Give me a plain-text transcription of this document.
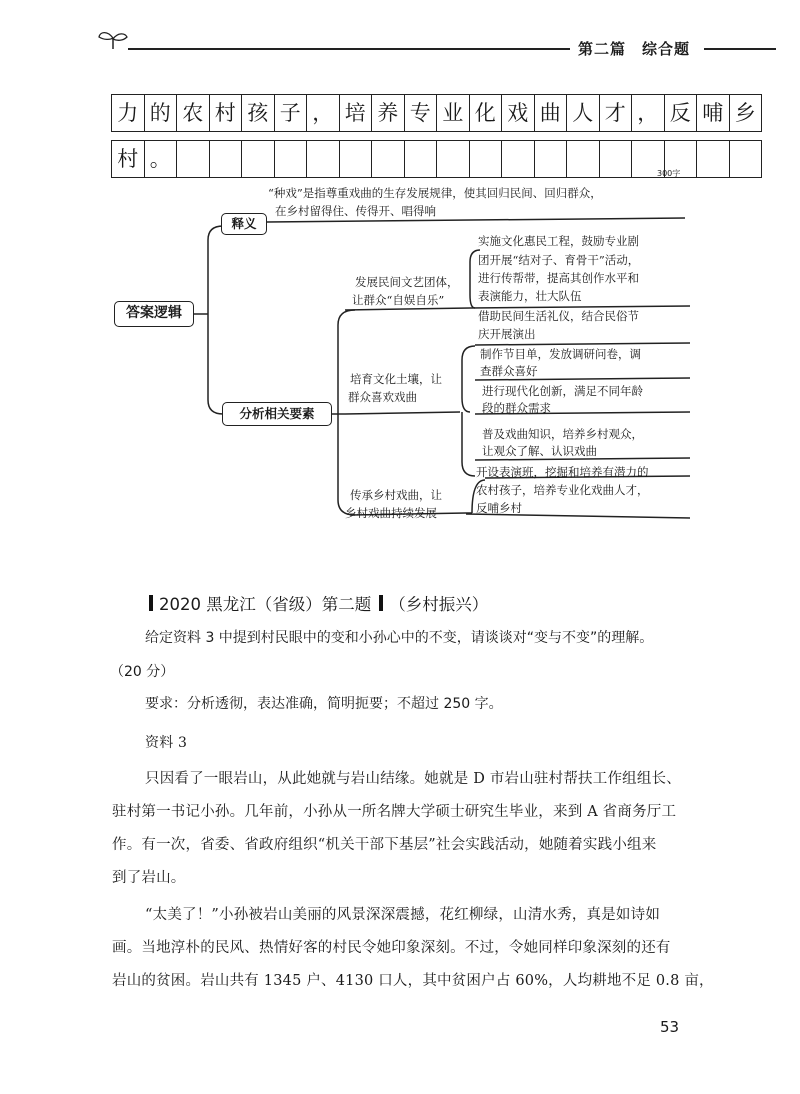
第二篇　综合题
力 的 农 村 孩 子 ， 培 养 专 业 化 戏 曲 人 才 ， 反 哺 乡
村 。
300字
答案逻辑
释义
分析相关要素
“种戏”是指尊重戏曲的生存发展规律，使其回归民间、回归群众，
在乡村留得住、传得开、唱得响
发展民间文艺团体，
让群众“自娱自乐”
培育文化土壤，让
群众喜欢戏曲
传承乡村戏曲，让
乡村戏曲持续发展
实施文化惠民工程，鼓励专业剧
团开展“结对子、育骨干”活动，
进行传帮带，提高其创作水平和
表演能力，壮大队伍
借助民间生活礼仪，结合民俗节
庆开展演出
制作节目单，发放调研问卷，调
查群众喜好
进行现代化创新，满足不同年龄
段的群众需求
普及戏曲知识，培养乡村观众，
让观众了解、认识戏曲
开设表演班，挖掘和培养有潜力的
农村孩子，培养专业化戏曲人才，
反哺乡村
2020 黑龙江（省级）第二题 （乡村振兴）
给定资料 3 中提到村民眼中的变和小孙心中的不变，请谈谈对“变与不变”的理解。
（20 分）
要求：分析透彻，表达准确，简明扼要；不超过 250 字。
资料 3
只因看了一眼岩山，从此她就与岩山结缘。她就是 D 市岩山驻村帮扶工作组组长、
驻村第一书记小孙。几年前，小孙从一所名牌大学硕士研究生毕业，来到 A 省商务厅工
作。有一次，省委、省政府组织“机关干部下基层”社会实践活动，她随着实践小组来
到了岩山。
“太美了！”小孙被岩山美丽的风景深深震撼，花红柳绿，山清水秀，真是如诗如
画。当地淳朴的民风、热情好客的村民令她印象深刻。不过，令她同样印象深刻的还有
岩山的贫困。岩山共有 1345 户、4130 口人，其中贫困户占 60%，人均耕地不足 0.8 亩，
53
